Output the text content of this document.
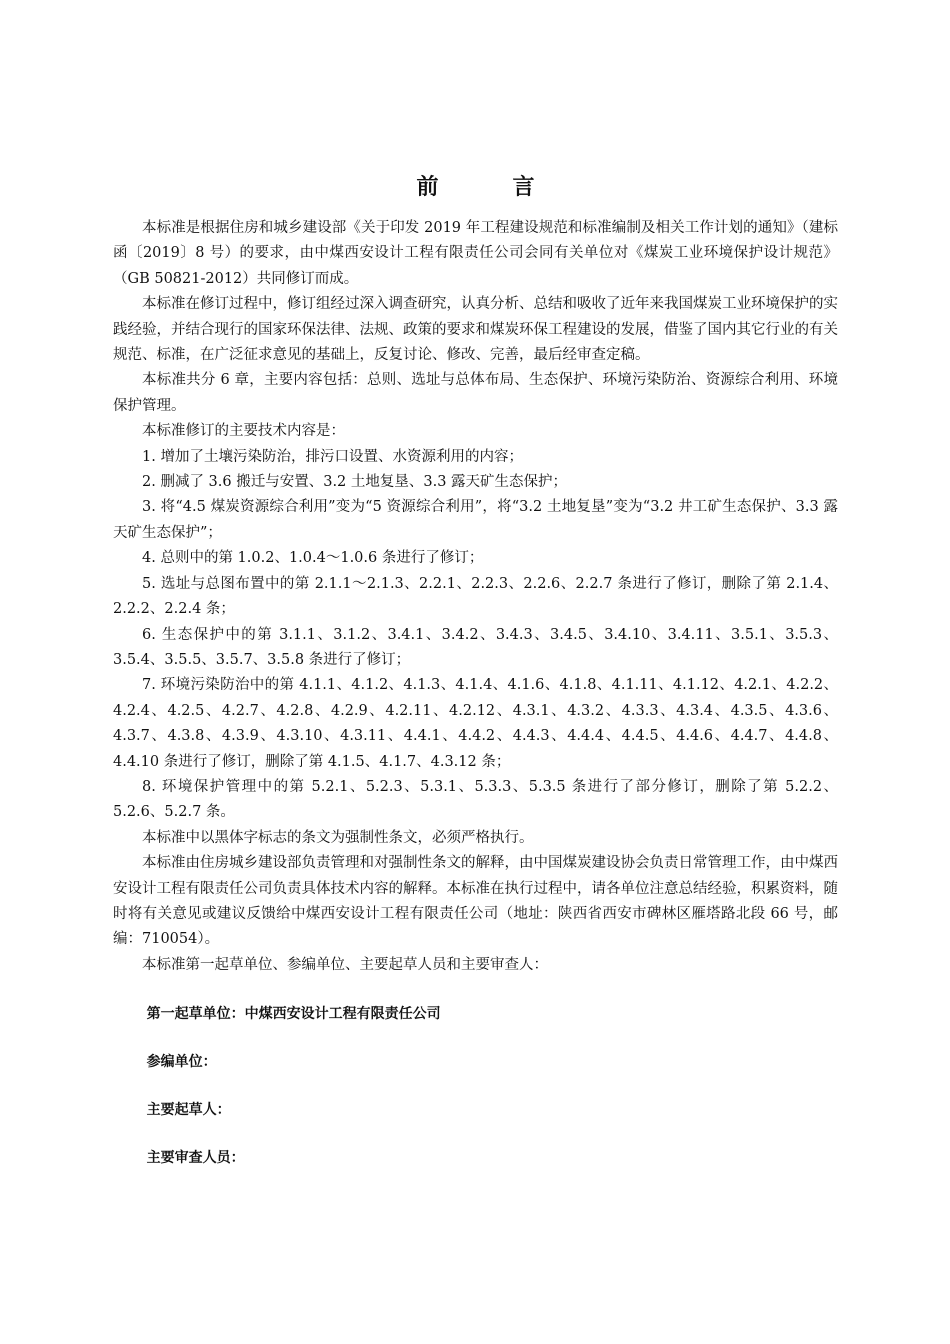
前　言

本标准是根据住房和城乡建设部《关于印发 2019 年工程建设规范和标准编制及相关工作计划的通知》（建标函〔2019〕8 号）的要求，由中煤西安设计工程有限责任公司会同有关单位对《煤炭工业环境保护设计规范》（GB 50821-2012）共同修订而成。

本标准在修订过程中，修订组经过深入调查研究，认真分析、总结和吸收了近年来我国煤炭工业环境保护的实践经验，并结合现行的国家环保法律、法规、政策的要求和煤炭环保工程建设的发展，借鉴了国内其它行业的有关规范、标准，在广泛征求意见的基础上，反复讨论、修改、完善，最后经审查定稿。

本标准共分 6 章，主要内容包括：总则、选址与总体布局、生态保护、环境污染防治、资源综合利用、环境保护管理。

本标准修订的主要技术内容是：

1. 增加了土壤污染防治，排污口设置、水资源利用的内容；

2. 删减了 3.6 搬迁与安置、3.2 土地复垦、3.3 露天矿生态保护；

3. 将“4.5 煤炭资源综合利用”变为“5 资源综合利用”，将“3.2 土地复垦”变为“3.2 井工矿生态保护、3.3 露天矿生态保护”；

4. 总则中的第 1.0.2、1.0.4～1.0.6 条进行了修订；

5. 选址与总图布置中的第 2.1.1～2.1.3、2.2.1、2.2.3、2.2.6、2.2.7 条进行了修订，删除了第 2.1.4、2.2.2、2.2.4 条；

6. 生态保护中的第 3.1.1、3.1.2、3.4.1、3.4.2、3.4.3、3.4.5、3.4.10、3.4.11、3.5.1、3.5.3、3.5.4、3.5.5、3.5.7、3.5.8 条进行了修订；

7. 环境污染防治中的第 4.1.1、4.1.2、4.1.3、4.1.4、4.1.6、4.1.8、4.1.11、4.1.12、4.2.1、4.2.2、4.2.4、4.2.5、4.2.7、4.2.8、4.2.9、4.2.11、4.2.12、4.3.1、4.3.2、4.3.3、4.3.4、4.3.5、4.3.6、4.3.7、4.3.8、4.3.9、4.3.10、4.3.11、4.4.1、4.4.2、4.4.3、4.4.4、4.4.5、4.4.6、4.4.7、4.4.8、4.4.10 条进行了修订，删除了第 4.1.5、4.1.7、4.3.12 条；

8. 环境保护管理中的第 5.2.1、5.2.3、5.3.1、5.3.3、5.3.5 条进行了部分修订，删除了第 5.2.2、5.2.6、5.2.7 条。

本标准中以黑体字标志的条文为强制性条文，必须严格执行。

本标准由住房城乡建设部负责管理和对强制性条文的解释，由中国煤炭建设协会负责日常管理工作，由中煤西安设计工程有限责任公司负责具体技术内容的解释。本标准在执行过程中，请各单位注意总结经验，积累资料，随时将有关意见或建议反馈给中煤西安设计工程有限责任公司（地址：陕西省西安市碑林区雁塔路北段 66 号，邮编：710054）。

本标准第一起草单位、参编单位、主要起草人员和主要审查人：

第一起草单位：中煤西安设计工程有限责任公司

参编单位：

主要起草人：

主要审查人员：
